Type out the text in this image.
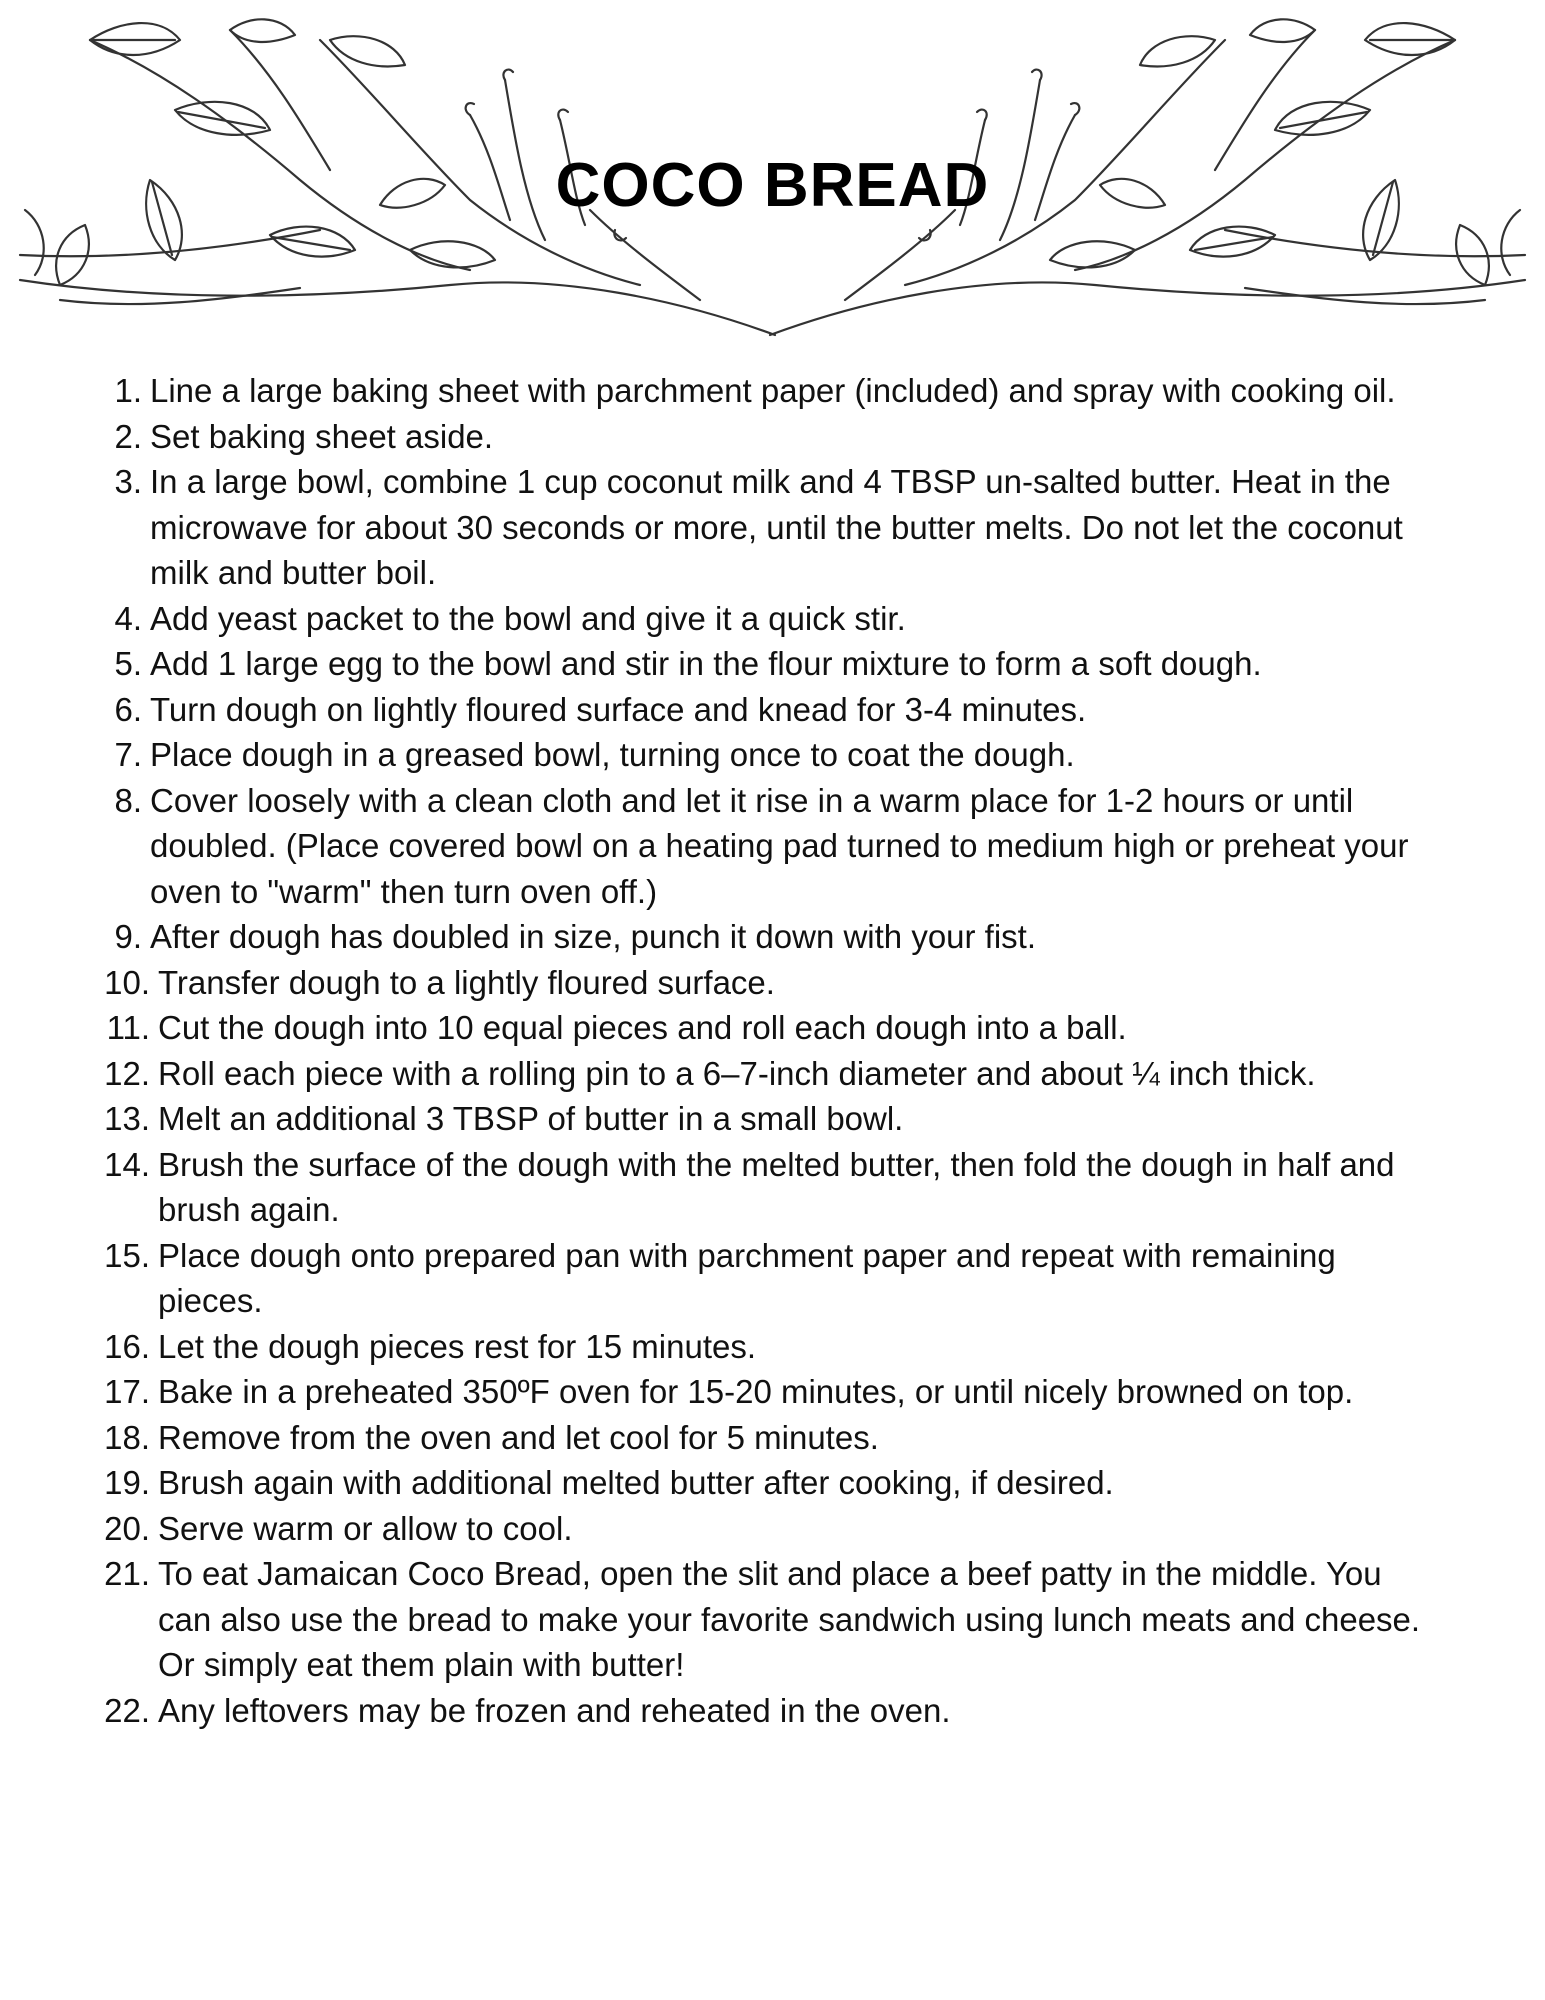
COCO BREAD
1. Line a large baking sheet with parchment paper (included) and spray with cooking oil.
2. Set baking sheet aside.
3. In a large bowl, combine 1 cup coconut milk and 4 TBSP un-salted butter. Heat in the microwave for about 30 seconds or more, until the butter melts. Do not let the coconut milk and butter boil.
4. Add yeast packet to the bowl and give it a quick stir.
5. Add 1 large egg to the bowl and stir in the flour mixture to form a soft dough.
6. Turn dough on lightly floured surface and knead for 3-4 minutes.
7. Place dough in a greased bowl, turning once to coat the dough.
8. Cover loosely with a clean cloth and let it rise in a warm place for 1-2 hours or until doubled. (Place covered bowl on a heating pad turned to medium high or preheat your oven to "warm" then turn oven off.)
9. After dough has doubled in size, punch it down with your fist.
10. Transfer dough to a lightly floured surface.
11. Cut the dough into 10 equal pieces and roll each dough into a ball.
12. Roll each piece with a rolling pin to a 6–7-inch diameter and about ¼ inch thick.
13. Melt an additional 3 TBSP of butter in a small bowl.
14. Brush the surface of the dough with the melted butter, then fold the dough in half and brush again.
15. Place dough onto prepared pan with parchment paper and repeat with remaining pieces.
16. Let the dough pieces rest for 15 minutes.
17. Bake in a preheated 350ºF oven for 15-20 minutes, or until nicely browned on top.
18. Remove from the oven and let cool for 5 minutes.
19. Brush again with additional melted butter after cooking, if desired.
20. Serve warm or allow to cool.
21. To eat Jamaican Coco Bread, open the slit and place a beef patty in the middle. You can also use the bread to make your favorite sandwich using lunch meats and cheese. Or simply eat them plain with butter!
22. Any leftovers may be frozen and reheated in the oven.
